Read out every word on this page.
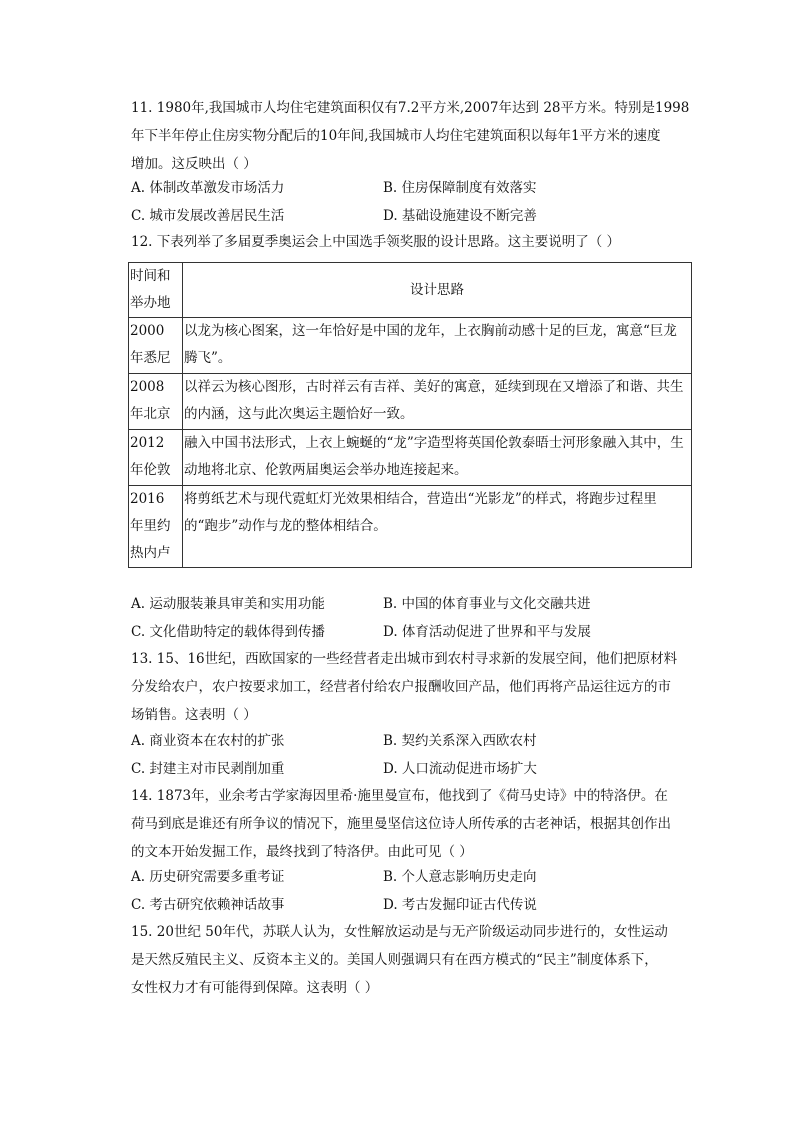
11. 1980年,我国城市人均住宅建筑面积仅有7.2平方米,2007年达到 28平方米。特别是1998
年下半年停止住房实物分配后的10年间,我国城市人均住宅建筑面积以每年1平方米的速度
增加。这反映出（ ）
A. 体制改革激发市场活力	B. 住房保障制度有效落实
C. 城市发展改善居民生活	D. 基础设施建设不断完善
12. 下表列举了多届夏季奥运会上中国选手领奖服的设计思路。这主要说明了（ ）
时间和举办地	设计思路
2000 年悉尼	以龙为核心图案，这一年恰好是中国的龙年，上衣胸前动感十足的巨龙，寓意“巨龙腾飞”。
2008 年北京	以祥云为核心图形，古时祥云有吉祥、美好的寓意，延续到现在又增添了和谐、共生的内涵，这与此次奥运主题恰好一致。
2012 年伦敦	融入中国书法形式，上衣上蜿蜒的“龙”字造型将英国伦敦泰晤士河形象融入其中，生动地将北京、伦敦两届奥运会举办地连接起来。
2016 年里约热内卢	将剪纸艺术与现代霓虹灯光效果相结合，营造出“光影龙”的样式，将跑步过程里的“跑步”动作与龙的整体相结合。
A. 运动服装兼具审美和实用功能	B. 中国的体育事业与文化交融共进
C. 文化借助特定的载体得到传播	D. 体育活动促进了世界和平与发展
13. 15、16世纪，西欧国家的一些经营者走出城市到农村寻求新的发展空间，他们把原材料
分发给农户，农户按要求加工，经营者付给农户报酬收回产品，他们再将产品运往远方的市
场销售。这表明（ ）
A. 商业资本在农村的扩张	B. 契约关系深入西欧农村
C. 封建主对市民剥削加重	D. 人口流动促进市场扩大
14. 1873年，业余考古学家海因里希·施里曼宣布，他找到了《荷马史诗》中的特洛伊。在
荷马到底是谁还有所争议的情况下，施里曼坚信这位诗人所传承的古老神话，根据其创作出
的文本开始发掘工作，最终找到了特洛伊。由此可见（ ）
A. 历史研究需要多重考证	B. 个人意志影响历史走向
C. 考古研究依赖神话故事	D. 考古发掘印证古代传说
15. 20世纪 50年代，苏联人认为，女性解放运动是与无产阶级运动同步进行的，女性运动
是天然反殖民主义、反资本主义的。美国人则强调只有在西方模式的“民主”制度体系下，
女性权力才有可能得到保障。这表明（ ）
